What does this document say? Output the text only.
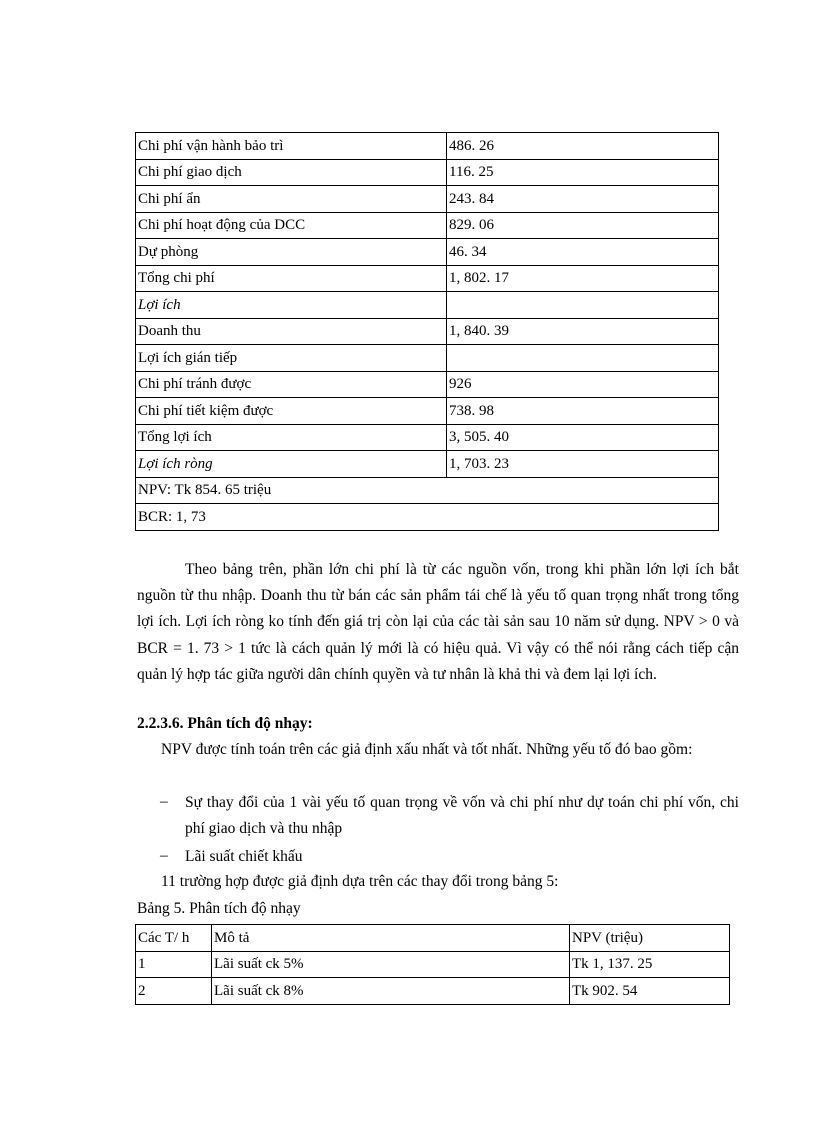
Chi phí vận hành bảo trì	486. 26
Chi phí giao dịch	116. 25
Chi phí ẩn	243. 84
Chi phí hoạt động của DCC	829. 06
Dự phòng	46. 34
Tổng chi phí	1, 802. 17
Lợi ích	
Doanh thu	1, 840. 39
Lợi ích gián tiếp	
Chi phí tránh được	926
Chi phí tiết kiệm được	738. 98
Tổng lợi ích	3, 505. 40
Lợi ích ròng	1, 703. 23
NPV: Tk 854. 65 triệu	
BCR: 1, 73	

Theo bảng trên, phần lớn chi phí là từ các nguồn vốn, trong khi phần lớn lợi ích bắt nguồn từ thu nhập. Doanh thu từ bán các sản phẩm tái chế là yếu tố quan trọng nhất trong tổng lợi ích. Lợi ích ròng ko tính đến giá trị còn lại của các tài sản sau 10 năm sử dụng. NPV > 0 và BCR = 1. 73 > 1 tức là cách quản lý mới là có hiệu quả. Vì vậy có thể nói rằng cách tiếp cận quản lý hợp tác giữa người dân chính quyền và tư nhân là khả thi và đem lại lợi ích.

2.2.3.6. Phân tích độ nhạy:

NPV được tính toán trên các giả định xấu nhất và tốt nhất. Những yếu tố đó bao gồm:

– Sự thay đổi của 1 vài yếu tố quan trọng về vốn và chi phí như dự toán chi phí vốn, chi phí giao dịch và thu nhập

– Lãi suất chiết khấu

11 trường hợp được giả định dựa trên các thay đổi trong bảng 5:

Bảng 5. Phân tích độ nhạy

Các T/ h	Mô tả	NPV (triệu)
1	Lãi suất ck 5%	Tk 1, 137. 25
2	Lãi suất ck 8%	Tk 902. 54
